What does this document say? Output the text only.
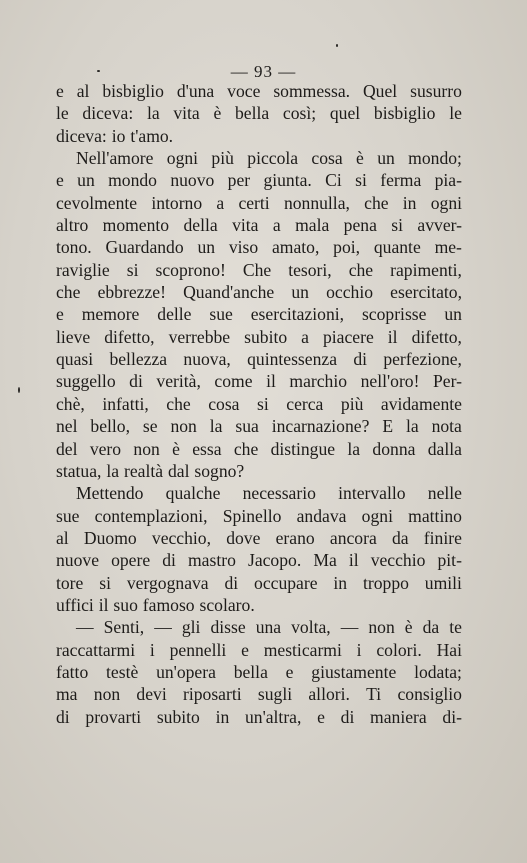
— 93 —
e al bisbiglio d'una voce sommessa. Quel susurro
le diceva: la vita è bella così; quel bisbiglio le
diceva: io t'amo.
Nell'amore ogni più piccola cosa è un mondo;
e un mondo nuovo per giunta. Ci si ferma pia-
cevolmente intorno a certi nonnulla, che in ogni
altro momento della vita a mala pena si avver-
tono. Guardando un viso amato, poi, quante me-
raviglie si scoprono! Che tesori, che rapimenti,
che ebbrezze! Quand'anche un occhio esercitato,
e memore delle sue esercitazioni, scoprisse un
lieve difetto, verrebbe subito a piacere il difetto,
quasi bellezza nuova, quintessenza di perfezione,
suggello di verità, come il marchio nell'oro! Per-
chè, infatti, che cosa si cerca più avidamente
nel bello, se non la sua incarnazione? E la nota
del vero non è essa che distingue la donna dalla
statua, la realtà dal sogno?
Mettendo qualche necessario intervallo nelle
sue contemplazioni, Spinello andava ogni mattino
al Duomo vecchio, dove erano ancora da finire
nuove opere di mastro Jacopo. Ma il vecchio pit-
tore si vergognava di occupare in troppo umili
uffici il suo famoso scolaro.
— Senti, — gli disse una volta, — non è da te
raccattarmi i pennelli e mesticarmi i colori. Hai
fatto testè un'opera bella e giustamente lodata;
ma non devi riposarti sugli allori. Ti consiglio
di provarti subito in un'altra, e di maniera di-
